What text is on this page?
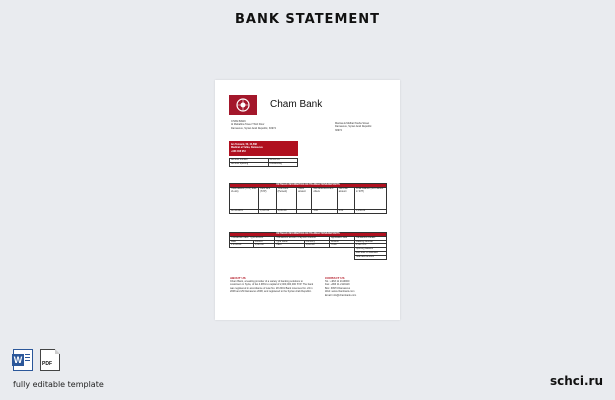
BANK STATEMENT
Cham Bank
CHAM BANK
Al Mahabba Tower Third Floor
Damascus, Syrian Arab Republic, 30974
Mazraa & Midhat Pasha Street
Damascus, Syrian Arab Republic
30974
Ian Tennant, 50, 44,568
Madinat al Yahia, Damascus
+963 408 953
Account number	30531726
Account opening	Outstanding
DETAILED INFORMATION ON TRANSACTIONS/DEPOSITS						
Total balance (SYP) date of entry	Debt face (SYP)	Total Face (Percent)	Taxes amount	Net deductions and others	Non-rate amount	Final balance (Incl.Interest in SYP)
31-12-2019	1,347.00	1,250.00		1.00	4.00	1,250.00
DETAILED INFORMATION ON TRANSACTIONS/DEPOSITS					
Transaction date / Type amount		Transaction amount / Payment method		Application date	Transaction Details
Date	Amount	Type name	Currency	Amount	Clearing Number
1.03.2019	1,000.00	Cash	1,000.00	75.00	3,560 SYP
					Opening balance
					Disb date of Bankwell
					Total debt amount
ABOUT US
Cham Bank, a leading provider of a variety of banking solutions to customers in Syria, of fax 4.99% to capital of 2,000,000,000 SYP. The bank was registered in accordance of Law No. 28 2001 Bank Licenses No. 24 in 2008 and 29 Damascus 2008, and registered to the Syrian Arab Republic.
CONTACT US
Tel.: +963 11 2119000
Fax: +963 11 2119119
Box: 30974 Damascus
Web: www.chambank.com
Email: info@chambank.com
W	PDF
fully editable template	schci.ru
